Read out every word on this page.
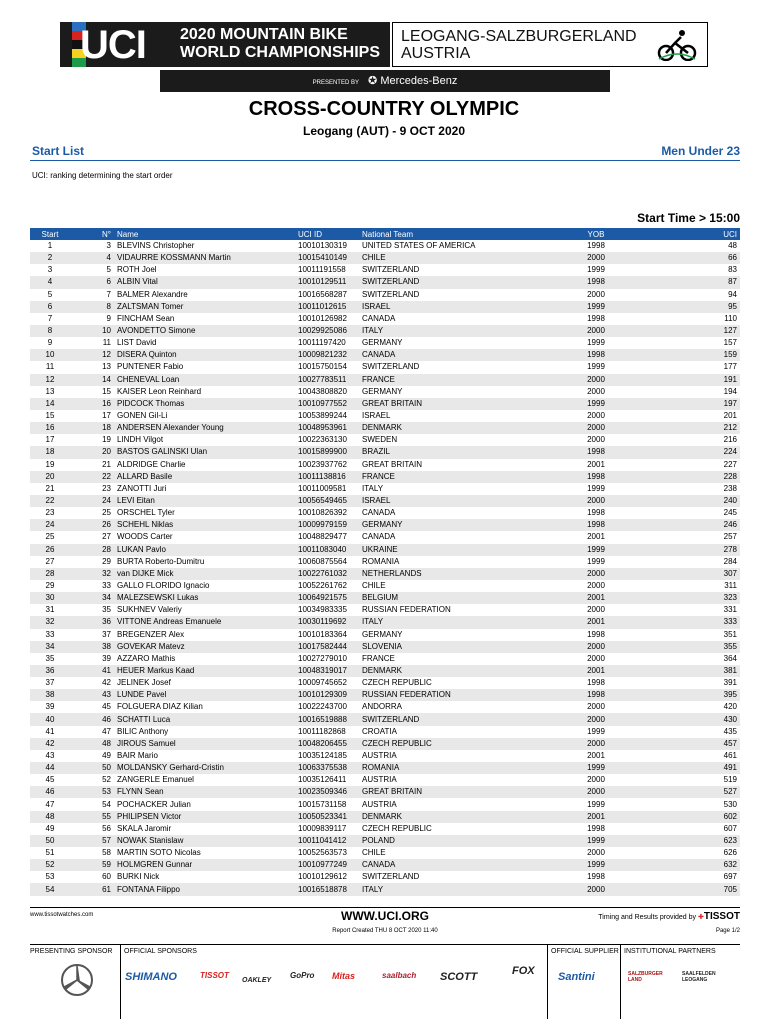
UCI 2020 MOUNTAIN BIKE
WORLD CHAMPIONSHIPS
LEOGANG-SALZBURGERLAND
AUSTRIA
PRESENTED BY ✪ Mercedes-Benz
CROSS-COUNTRY OLYMPIC
Leogang (AUT) - 9 OCT 2020
Start List	Men Under 23
UCI: ranking determining the start order
Start Time > 15:00
Start	N°	Name	UCI ID	National Team	YOB	UCI
1	3	BLEVINS Christopher	10010130319	UNITED STATES OF AMERICA	1998	48
2	4	VIDAURRE KOSSMANN Martin	10015410149	CHILE	2000	66
3	5	ROTH Joel	10011191558	SWITZERLAND	1999	83
4	6	ALBIN Vital	10010129511	SWITZERLAND	1998	87
5	7	BALMER Alexandre	10016568287	SWITZERLAND	2000	94
6	8	ZALTSMAN Tomer	10011012615	ISRAEL	1999	95
7	9	FINCHAM Sean	10010126982	CANADA	1998	110
8	10	AVONDETTO Simone	10029925086	ITALY	2000	127
9	11	LIST David	10011197420	GERMANY	1999	157
10	12	DISERA Quinton	10009821232	CANADA	1998	159
11	13	PUNTENER Fabio	10015750154	SWITZERLAND	1999	177
12	14	CHENEVAL Loan	10027783511	FRANCE	2000	191
13	15	KAISER Leon Reinhard	10043808820	GERMANY	2000	194
14	16	PIDCOCK Thomas	10010977552	GREAT BRITAIN	1999	197
15	17	GONEN Gil-Li	10053899244	ISRAEL	2000	201
16	18	ANDERSEN Alexander Young	10048953961	DENMARK	2000	212
17	19	LINDH Vilgot	10022363130	SWEDEN	2000	216
18	20	BASTOS GALINSKI Ulan	10015899900	BRAZIL	1998	224
19	21	ALDRIDGE Charlie	10023937762	GREAT BRITAIN	2001	227
20	22	ALLARD Basile	10011138816	FRANCE	1998	228
21	23	ZANOTTI Juri	10011009581	ITALY	1999	238
22	24	LEVI Eitan	10056549465	ISRAEL	2000	240
23	25	ORSCHEL Tyler	10010826392	CANADA	1998	245
24	26	SCHEHL Niklas	10009979159	GERMANY	1998	246
25	27	WOODS Carter	10048829477	CANADA	2001	257
26	28	LUKAN Pavlo	10011083040	UKRAINE	1999	278
27	29	BURTA Roberto-Dumitru	10060875564	ROMANIA	1999	284
28	32	van DIJKE Mick	10022761032	NETHERLANDS	2000	307
29	33	GALLO FLORIDO Ignacio	10052261762	CHILE	2000	311
30	34	MALEZSEWSKI Lukas	10064921575	BELGIUM	2001	323
31	35	SUKHNEV Valeriy	10034983335	RUSSIAN FEDERATION	2000	331
32	36	VITTONE Andreas Emanuele	10030119692	ITALY	2001	333
33	37	BREGENZER Alex	10010183364	GERMANY	1998	351
34	38	GOVEKAR Matevz	10017582444	SLOVENIA	2000	355
35	39	AZZARO Mathis	10027279010	FRANCE	2000	364
36	41	HEUER Markus Kaad	10048319017	DENMARK	2001	381
37	42	JELINEK Josef	10009745652	CZECH REPUBLIC	1998	391
38	43	LUNDE Pavel	10010129309	RUSSIAN FEDERATION	1998	395
39	45	FOLGUERA DIAZ Kilian	10022243700	ANDORRA	2000	420
40	46	SCHATTI Luca	10016519888	SWITZERLAND	2000	430
41	47	BILIC Anthony	10011182868	CROATIA	1999	435
42	48	JIROUS Samuel	10048206455	CZECH REPUBLIC	2000	457
43	49	BAIR Mario	10035124185	AUSTRIA	2001	461
44	50	MOLDANSKY Gerhard-Cristin	10063375538	ROMANIA	1999	491
45	52	ZANGERLE Emanuel	10035126411	AUSTRIA	2000	519
46	53	FLYNN Sean	10023509346	GREAT BRITAIN	2000	527
47	54	POCHACKER Julian	10015731158	AUSTRIA	1999	530
48	55	PHILIPSEN Victor	10050523341	DENMARK	2001	602
49	56	SKALA Jaromir	10009839117	CZECH REPUBLIC	1998	607
50	57	NOWAK Stanislaw	10011041412	POLAND	1999	623
51	58	MARTIN SOTO Nicolas	10052563573	CHILE	2000	626
52	59	HOLMGREN Gunnar	10010977249	CANADA	1999	632
53	60	BURKI Nick	10010129612	SWITZERLAND	1998	697
54	61	FONTANA Filippo	10016518878	ITALY	2000	705
www.tissotwatches.com	WWW.UCI.ORG	Timing and Results provided by ✚TISSOT
Report Created THU 8 OCT 2020 11:40	Page 1/2
PRESENTING SPONSOR OFFICIAL SPONSORS
SHIMANO	TISSOT
OAKLEY
GoPro Mitas	saalbach SCOTT	FOX
OFFICIAL SUPPLIER
Santini
INSTITUTIONAL PARTNERS
SALZBURGER LAND
SAALFELDEN LEOGANG
